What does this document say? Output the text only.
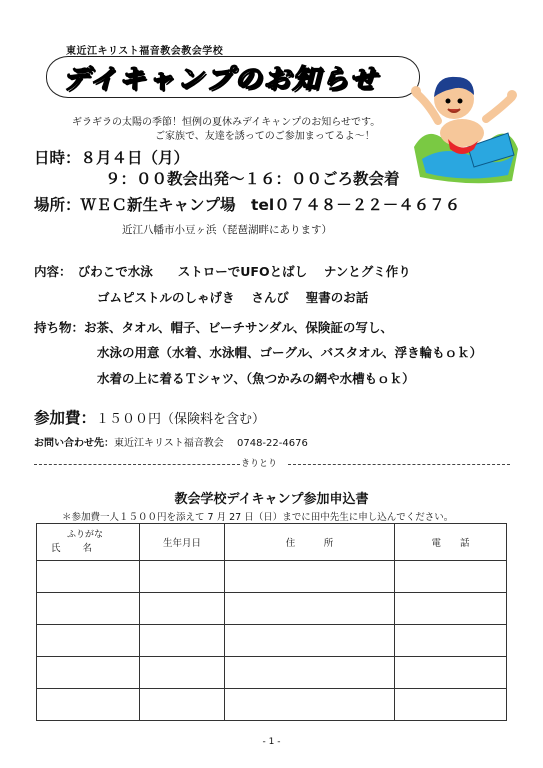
東近江キリスト福音教会教会学校
デイキャンプのお知らせ
ギラギラの太陽の季節！恒例の夏休みデイキャンプのお知らせです。
ご家族で、友達を誘ってのご参加まってるよ～！
日時：８月４日（月）
９：００教会出発～１６：００ごろ教会着
場所：ＷＥＣ新生キャンプ場　tel０７４８－２２－４６７６
近江八幡市小豆ヶ浜（琵琶湖畔にあります）
内容：　びわこで水泳　　ストローでUFOとばし　 ナンとグミ作り
ゴムピストルのしゃげき　 さんび　 聖書のお話
持ち物：お茶、タオル、帽子、ビーチサンダル、保険証の写し、
水泳の用意（水着、水泳帽、ゴーグル、バスタオル、浮き輪もｏｋ）
水着の上に着るＴシャツ、（魚つかみの網や水槽もｏｋ）
参加費：１５００円（保険料を含む）
お問い合わせ先：東近江キリスト福音教会　 0748-22-4676
きりとり
教会学校デイキャンプ参加申込書
＊参加費一人１５００円を添えて 7 月 27 日（日）までに田中先生に申し込んでください。
ふりがな
氏名	生年月日	住　　　所	電　　話

- 1 -
